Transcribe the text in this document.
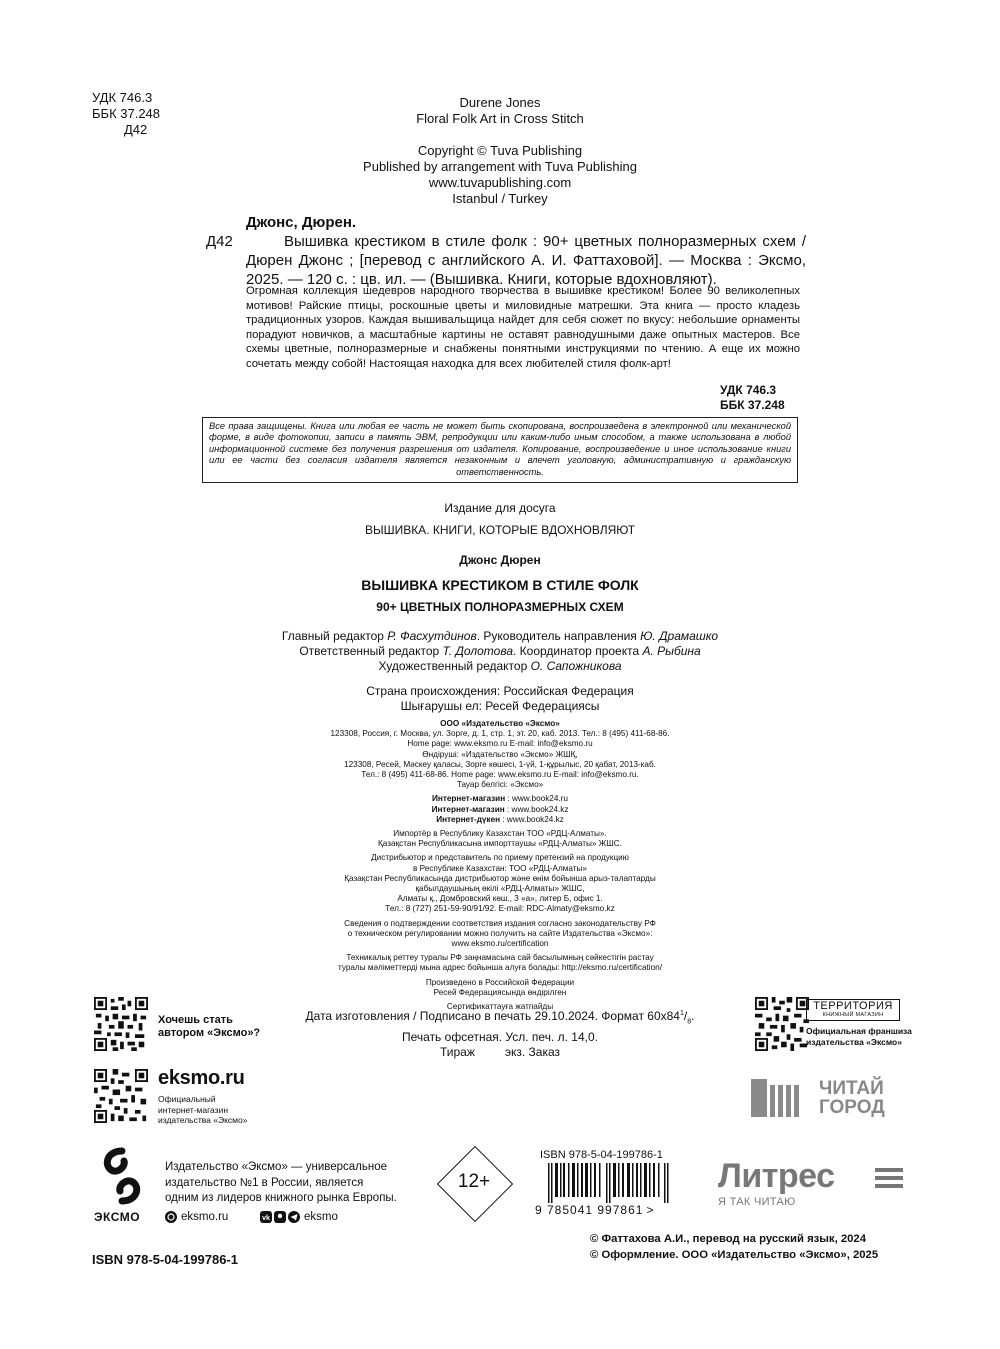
УДК 746.3
ББК 37.248
Д42
Durene Jones
Floral Folk Art in Cross Stitch
Copyright © Tuva Publishing
Published by arrangement with Tuva Publishing
www.tuvapublishing.com
Istanbul / Turkey
Д42
Джонс, Дюрен.
Вышивка крестиком в стиле фолк : 90+ цветных полноразмерных схем / Дюрен Джонс ; [перевод с английского А. И. Фаттаховой]. — Москва : Эксмо, 2025. — 120 с. : цв. ил. — (Вышивка. Книги, которые вдохновляют).
Огромная коллекция шедевров народного творчества в вышивке крестиком! Более 90 великолепных мотивов! Райские птицы, роскошные цветы и миловидные матрешки. Эта книга — просто кладезь традиционных узоров. Каждая вышивальщица найдет для себя сюжет по вкусу: небольшие орнаменты порадуют новичков, а масштабные картины не оставят равнодушными даже опытных мастеров. Все схемы цветные, полноразмерные и снабжены понятными инструкциями по чтению. А еще их можно сочетать между собой! Настоящая находка для всех любителей стиля фолк-арт!
УДК 746.3
ББК 37.248
Все права защищены. Книга или любая ее часть не может быть скопирована, воспроизведена в электронной или механической форме, в виде фотокопии, записи в память ЭВМ, репродукции или каким-либо иным способом, а также использована в любой информационной системе без получения разрешения от издателя. Копирование, воспроизведение и иное использование книги или ее части без согласия издателя является незаконным и влечет уголовную, административную и гражданскую ответственность.
Издание для досуга
ВЫШИВКА. КНИГИ, КОТОРЫЕ ВДОХНОВЛЯЮТ
Джонс Дюрен
ВЫШИВКА КРЕСТИКОМ В СТИЛЕ ФОЛК
90+ ЦВЕТНЫХ ПОЛНОРАЗМЕРНЫХ СХЕМ
Главный редактор Р. Фасхутдинов. Руководитель направления Ю. Драмашко
Ответственный редактор Т. Долотова. Координатор проекта А. Рыбина
Художественный редактор О. Сапожникова
Страна происхождения: Российская Федерация
Шығарушы ел: Ресей Федерациясы
ООО «Издательство «Эксмо»
123308, Россия, г. Москва, ул. Зорге, д. 1, стр. 1, эт. 20, каб. 2013. Тел.: 8 (495) 411-68-86.
Home page: www.eksmo.ru E-mail: info@eksmo.ru
Өндіруші: «Издательство «Эксмо» ЖШҚ,
123308, Ресей, Мәскеу қаласы, Зорге көшесі, 1-үй, 1-құрылыс, 20 қабат, 2013-каб.
Тел.: 8 (495) 411-68-86. Home page: www.eksmo.ru E-mail: info@eksmo.ru.
Тауар белгісі: «Эксмо»
Интернет-магазин : www.book24.ru
Интернет-магазин : www.book24.kz
Интернет-дүкен : www.book24.kz
Импортёр в Республику Казахстан ТОО «РДЦ-Алматы».
Қазақстан Республикасына импорттаушы «РДЦ-Алматы» ЖШС.
Дистрибьютор и представитель по приему претензий на продукцию
в Республике Казахстан: ТОО «РДЦ-Алматы»
Қазақстан Республикасында дистрибьютор және өнім бойынша арыз-талаптарды
қабылдаушының өкілі «РДЦ-Алматы» ЖШС,
Алматы қ., Домбровский көш., 3 «а», литер Б, офис 1.
Тел.: 8 (727) 251-59-90/91/92. E-mail: RDC-Almaty@eksmo.kz
Сведения о подтверждении соответствия издания согласно законодательству РФ
о техническом регулировании можно получить на сайте Издательства «Эксмо»:
www.eksmo.ru/certification
Техникалық реттеу туралы РФ заңнамасына сай басылымның сәйкестігін растау
туралы мәліметтерді мына адрес бойынша алуға болады: http://eksmo.ru/certification/
Произведено в Российской Федерации
Ресей Федерациясында өндірілген
Сертификаттауға жатпайды
Дата изготовления / Подписано в печать 29.10.2024. Формат $60x84^1/_8$.
Печать офсетная. Усл. печ. л. 14,0.
Тираж         экз. Заказ
Хочешь стать
автором «Эксмо»?
eksmo.ru
Официальный
интернет-магазин
издательства «Эксмо»
ЭКСМО
Издательство «Эксмо» — универсальное
издательство №1 в России, является
одним из лидеров книжного рынка Европы.
eksmo.ru	vk	eksmo
12+
ISBN 978-5-04-199786-1
9 785041 997861 >
ТЕРРИТОРИЯ
КНИЖНЫЙ МАГАЗИН
Официальная франшиза
издательства «Эксмо»
ЧИТАЙ
ГОРОД
Литрес
Я ТАК ЧИТАЮ
ISBN 978-5-04-199786-1
© Фаттахова А.И., перевод на русский язык, 2024
© Оформление. ООО «Издательство «Эксмо», 2025
